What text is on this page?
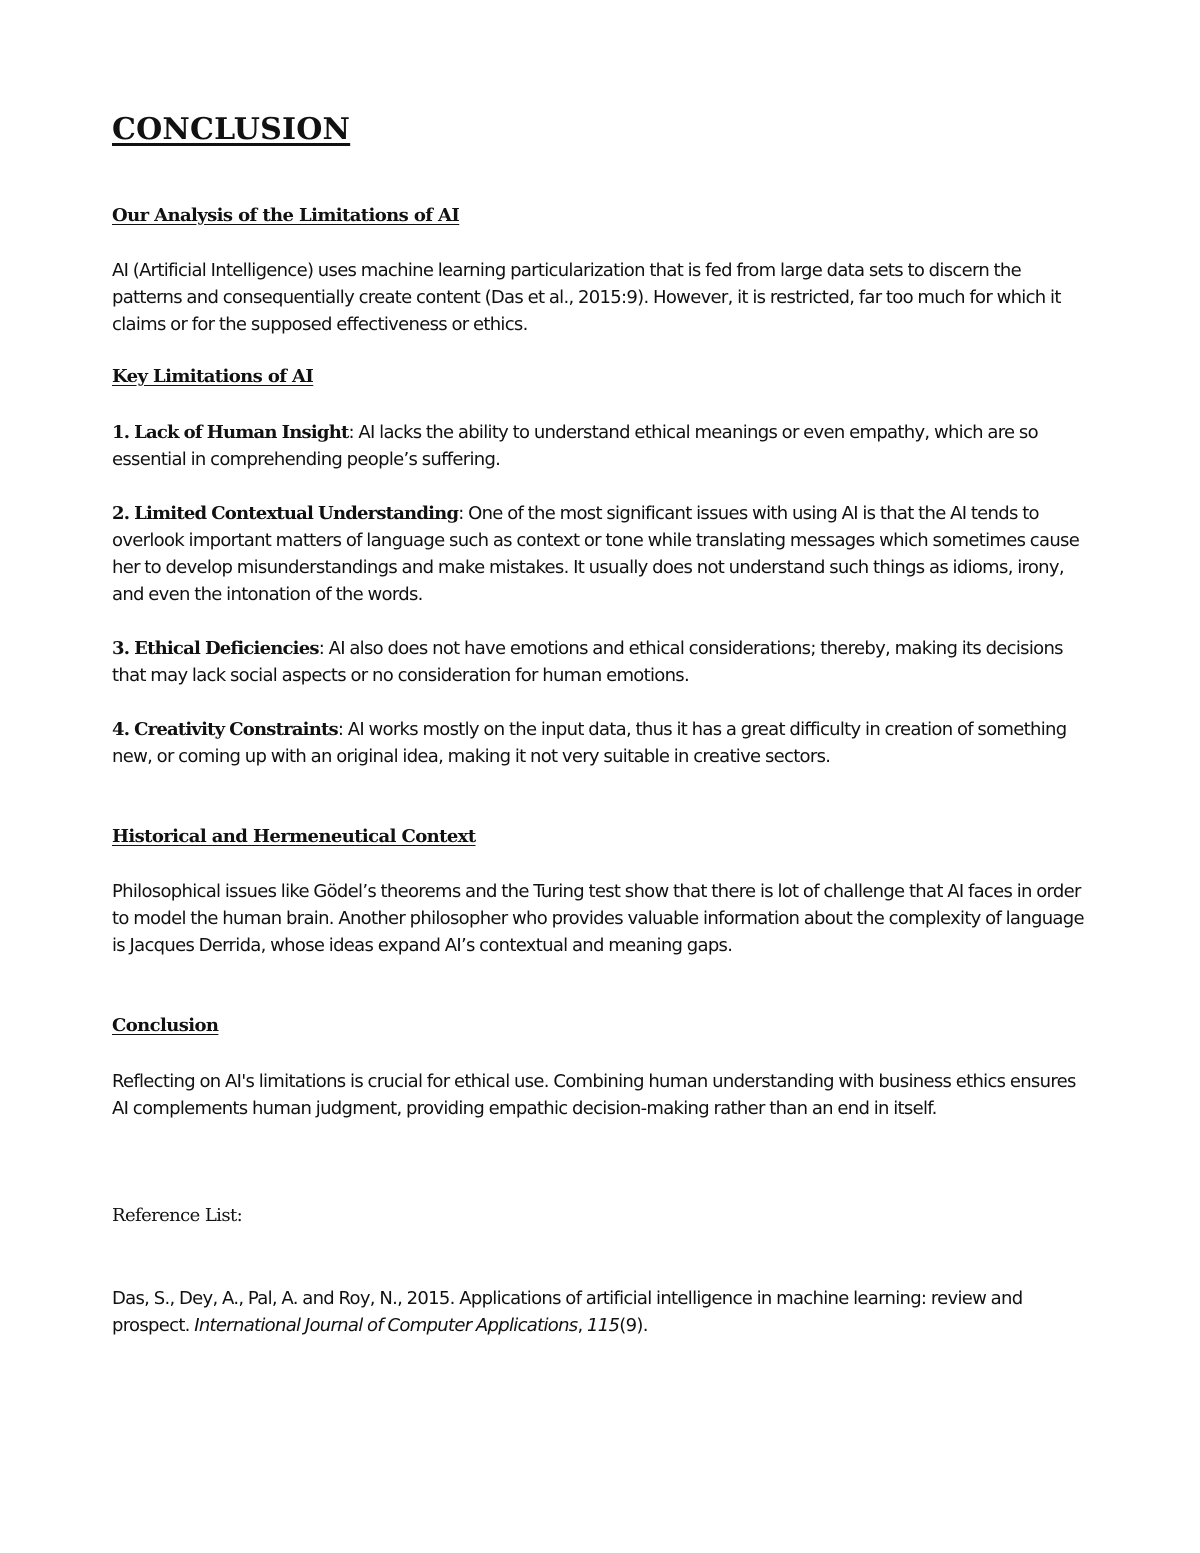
CONCLUSION
Our Analysis of the Limitations of AI

AI (Artificial Intelligence) uses machine learning particularization that is fed from large data sets to discern the patterns and consequentially create content (Das et al., 2015:9). However, it is restricted, far too much for which it claims or for the supposed effectiveness or ethics.

Key Limitations of AI

1. Lack of Human Insight: AI lacks the ability to understand ethical meanings or even empathy, which are so essential in comprehending people’s suffering.

2. Limited Contextual Understanding: One of the most significant issues with using AI is that the AI tends to overlook important matters of language such as context or tone while translating messages which sometimes cause her to develop misunderstandings and make mistakes. It usually does not understand such things as idioms, irony, and even the intonation of the words.

3. Ethical Deficiencies: AI also does not have emotions and ethical considerations; thereby, making its decisions that may lack social aspects or no consideration for human emotions.

4. Creativity Constraints: AI works mostly on the input data, thus it has a great difficulty in creation of something new, or coming up with an original idea, making it not very suitable in creative sectors.

Historical and Hermeneutical Context

Philosophical issues like Gödel’s theorems and the Turing test show that there is lot of challenge that AI faces in order to model the human brain. Another philosopher who provides valuable information about the complexity of language is Jacques Derrida, whose ideas expand AI’s contextual and meaning gaps.

Conclusion

Reflecting on AI's limitations is crucial for ethical use. Combining human understanding with business ethics ensures AI complements human judgment, providing empathic decision-making rather than an end in itself.

Reference List:

Das, S., Dey, A., Pal, A. and Roy, N., 2015. Applications of artificial intelligence in machine learning: review and prospect. International Journal of Computer Applications, 115(9).
